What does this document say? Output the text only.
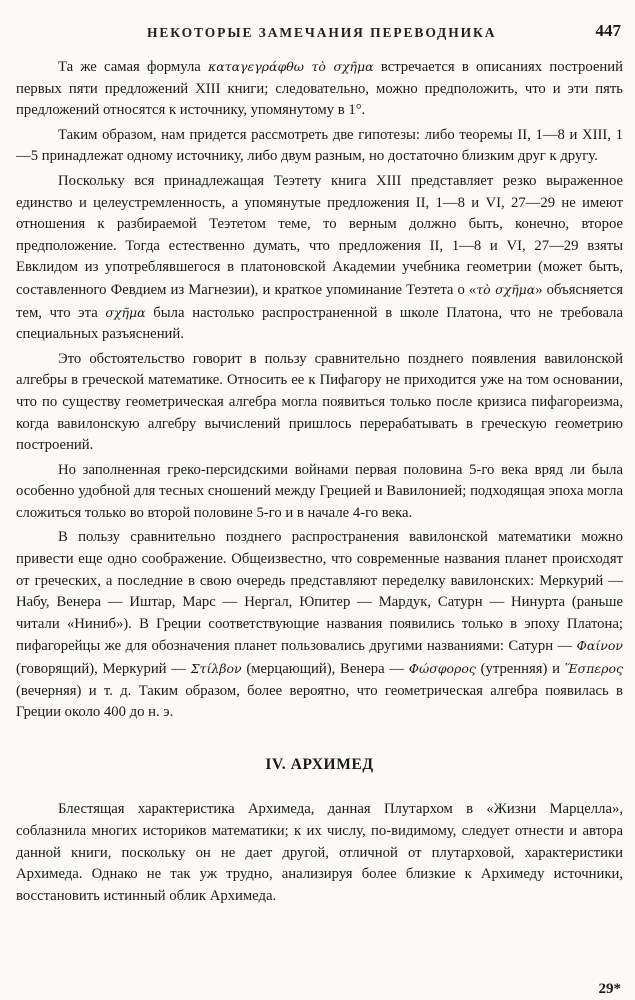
НЕКОТОРЫЕ ЗАМЕЧАНИЯ ПЕРЕВОДНИКА	447

Та же самая формула καταγεγράφθω τὸ σχῆμα встречается в описаниях построений первых пяти предложений XIII книги; следовательно, можно предположить, что и эти пять предложений относятся к источнику, упомянутому в 1°.

Таким образом, нам придется рассмотреть две гипотезы: либо теоремы II, 1—8 и XIII, 1—5 принадлежат одному источнику, либо двум разным, но достаточно близким друг к другу.

Поскольку вся принадлежащая Теэтету книга XIII представляет резко выраженное единство и целеустремленность, а упомянутые предложения II, 1—8 и VI, 27—29 не имеют отношения к разбираемой Теэтетом теме, то верным должно быть, конечно, второе предположение. Тогда естественно думать, что предложения II, 1—8 и VI, 27—29 взяты Евклидом из употреблявшегося в платоновской Академии учебника геометрии (может быть, составленного Февдием из Магнезии), и краткое упоминание Теэтета о «τὸ σχῆμα» объясняется тем, что эта σχῆμα была настолько распространенной в школе Платона, что не требовала специальных разъяснений.

Это обстоятельство говорит в пользу сравнительно позднего появления вавилонской алгебры в греческой математике. Относить ее к Пифагору не приходится уже на том основании, что по существу геометрическая алгебра могла появиться только после кризиса пифагореизма, когда вавилонскую алгебру вычислений пришлось перерабатывать в греческую геометрию построений.

Но заполненная греко-персидскими войнами первая половина 5-го века вряд ли была особенно удобной для тесных сношений между Грецией и Вавилонией; подходящая эпоха могла сложиться только во второй половине 5-го и в начале 4-го века.

В пользу сравнительно позднего распространения вавилонской математики можно привести еще одно соображение. Общеизвестно, что современные названия планет происходят от греческих, а последние в свою очередь представляют переделку вавилонских: Меркурий — Набу, Венера — Иштар, Марс — Нергал, Юпитер — Мардук, Сатурн — Нинурта (раньше читали «Ниниб»). В Греции соответствующие названия появились только в эпоху Платона; пифагорейцы же для обозначения планет пользовались другими названиями: Сатурн — Φαίνον (говорящий), Меркурий — Στίλβον (мерцающий), Венера — Φώσφορος (утренняя) и Ἕσπερος (вечерняя) и т. д. Таким образом, более вероятно, что геометрическая алгебра появилась в Греции около 400 до н. э.

IV. АРХИМЕД

Блестящая характеристика Архимеда, данная Плутархом в «Жизни Марцелла», соблазнила многих историков математики; к их числу, по-видимому, следует отнести и автора данной книги, поскольку он не дает другой, отличной от плутарховой, характеристики Архимеда. Однако не так уж трудно, анализируя более близкие к Архимеду источники, восстановить истинный облик Архимеда.

29*
